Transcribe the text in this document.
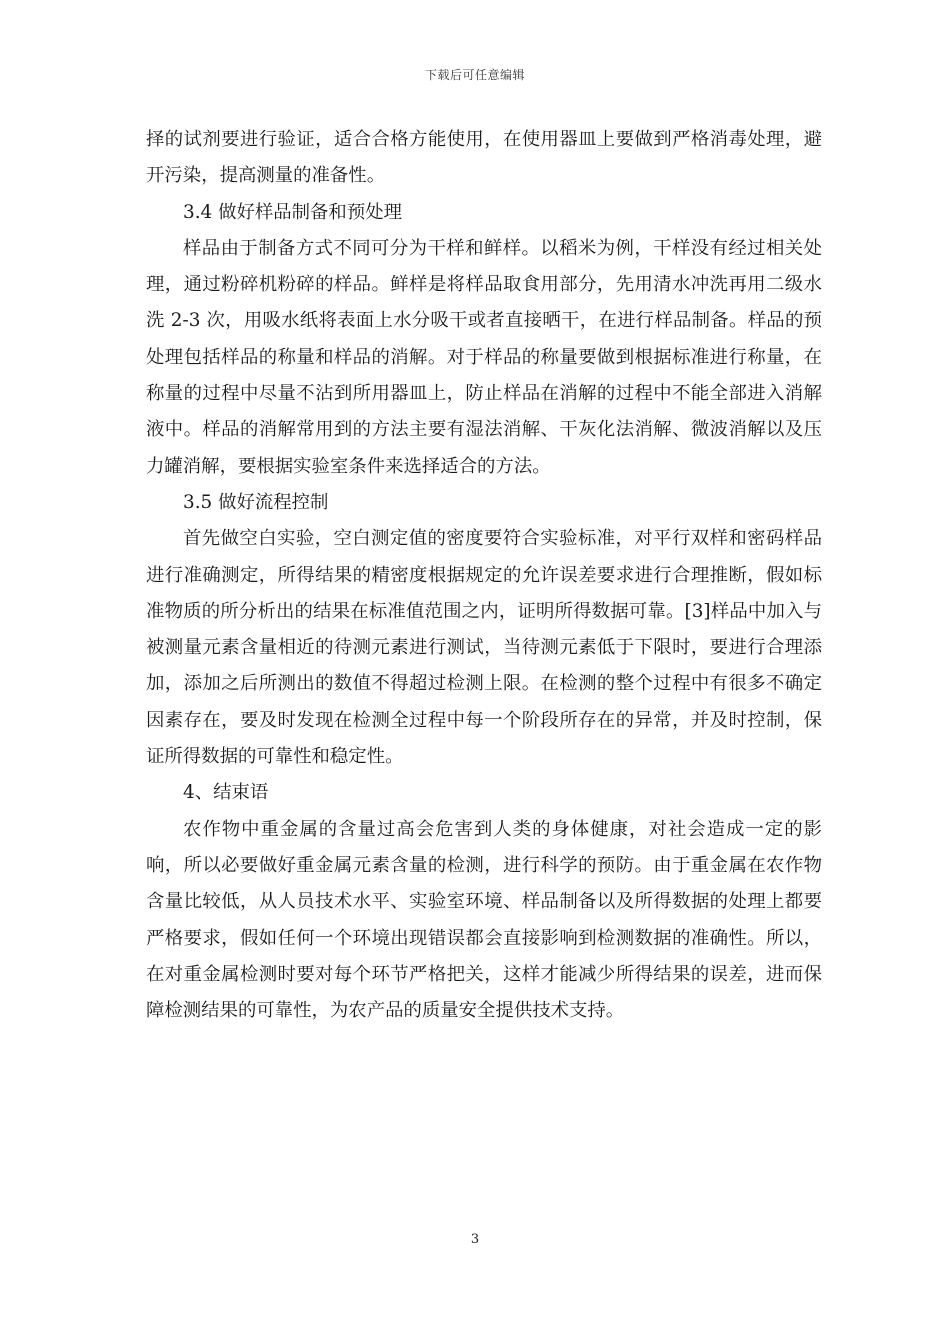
下载后可任意编辑

择的试剂要进行验证，适合合格方能使用，在使用器皿上要做到严格消毒处理，避开污染，提高测量的准备性。

3.4 做好样品制备和预处理

样品由于制备方式不同可分为干样和鲜样。以稻米为例，干样没有经过相关处理，通过粉碎机粉碎的样品。鲜样是将样品取食用部分，先用清水冲洗再用二级水洗 2-3 次，用吸水纸将表面上水分吸干或者直接晒干，在进行样品制备。样品的预处理包括样品的称量和样品的消解。对于样品的称量要做到根据标准进行称量，在称量的过程中尽量不沾到所用器皿上，防止样品在消解的过程中不能全部进入消解液中。样品的消解常用到的方法主要有湿法消解、干灰化法消解、微波消解以及压力罐消解，要根据实验室条件来选择适合的方法。

3.5 做好流程控制

首先做空白实验，空白测定值的密度要符合实验标准，对平行双样和密码样品进行准确测定，所得结果的精密度根据规定的允许误差要求进行合理推断，假如标准物质的所分析出的结果在标准值范围之内，证明所得数据可靠。[3]样品中加入与被测量元素含量相近的待测元素进行测试，当待测元素低于下限时，要进行合理添加，添加之后所测出的数值不得超过检测上限。在检测的整个过程中有很多不确定因素存在，要及时发现在检测全过程中每一个阶段所存在的异常，并及时控制，保证所得数据的可靠性和稳定性。

4、结束语

农作物中重金属的含量过高会危害到人类的身体健康，对社会造成一定的影响，所以必要做好重金属元素含量的检测，进行科学的预防。由于重金属在农作物含量比较低，从人员技术水平、实验室环境、样品制备以及所得数据的处理上都要严格要求，假如任何一个环境出现错误都会直接影响到检测数据的准确性。所以，在对重金属检测时要对每个环节严格把关，这样才能减少所得结果的误差，进而保障检测结果的可靠性，为农产品的质量安全提供技术支持。

3
